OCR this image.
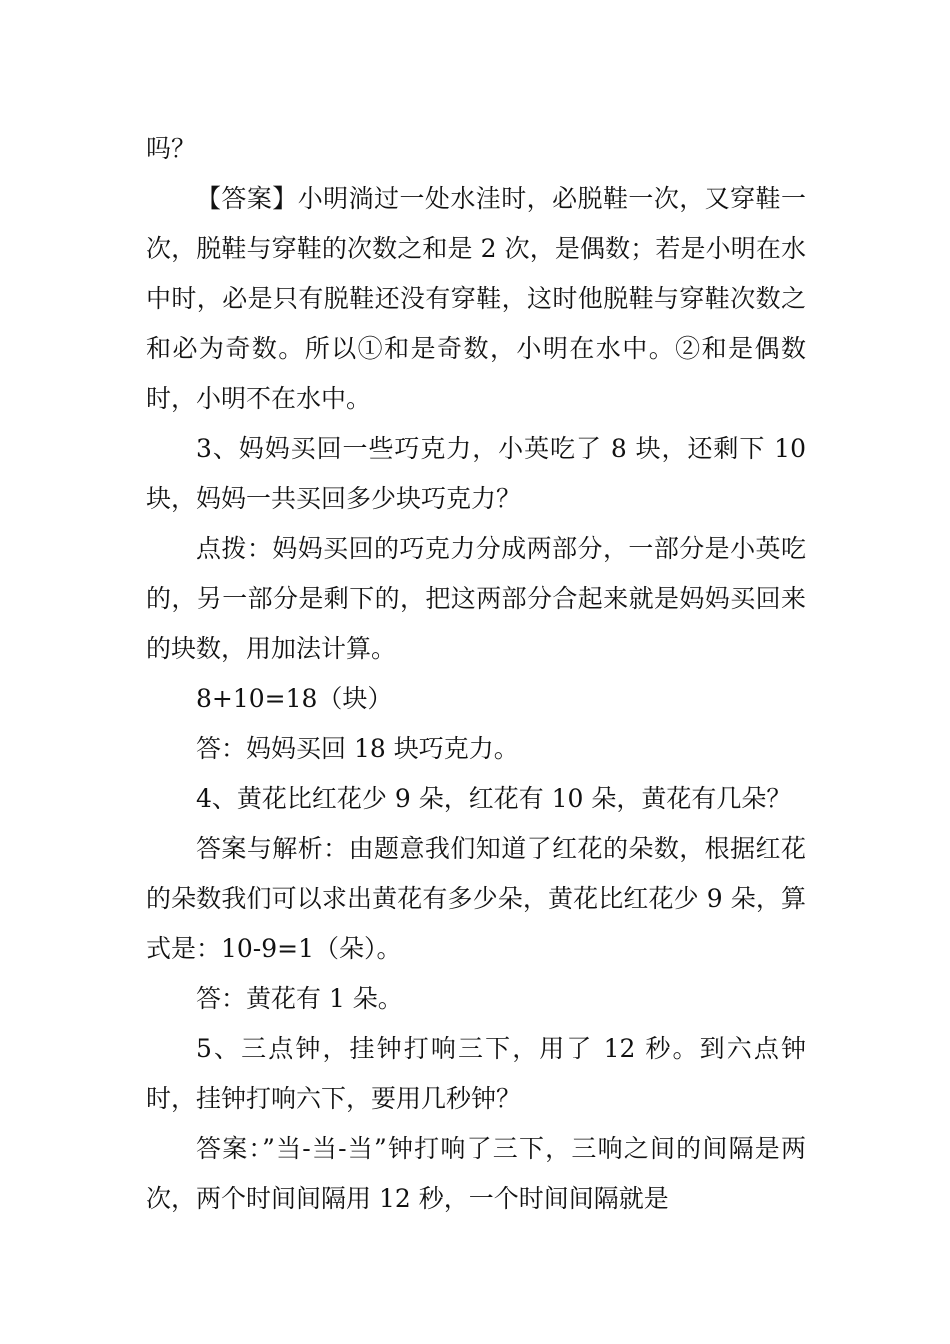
吗？

【答案】小明淌过一处水洼时，必脱鞋一次，又穿鞋一次，脱鞋与穿鞋的次数之和是 2 次，是偶数；若是小明在水中时，必是只有脱鞋还没有穿鞋，这时他脱鞋与穿鞋次数之和必为奇数。所以①和是奇数，小明在水中。②和是偶数时，小明不在水中。

3、妈妈买回一些巧克力，小英吃了 8 块，还剩下 10 块，妈妈一共买回多少块巧克力？

点拨：妈妈买回的巧克力分成两部分，一部分是小英吃的，另一部分是剩下的，把这两部分合起来就是妈妈买回来的块数，用加法计算。

8+10=18（块）

答：妈妈买回 18 块巧克力。

4、黄花比红花少 9 朵，红花有 10 朵，黄花有几朵？

答案与解析：由题意我们知道了红花的朵数，根据红花的朵数我们可以求出黄花有多少朵，黄花比红花少 9 朵，算式是：10-9=1（朵）。

答：黄花有 1 朵。

5、三点钟，挂钟打响三下，用了 12 秒。到六点钟时，挂钟打响六下，要用几秒钟？

答案：”当-当-当”钟打响了三下，三响之间的间隔是两次，两个时间间隔用 12 秒，一个时间间隔就是
